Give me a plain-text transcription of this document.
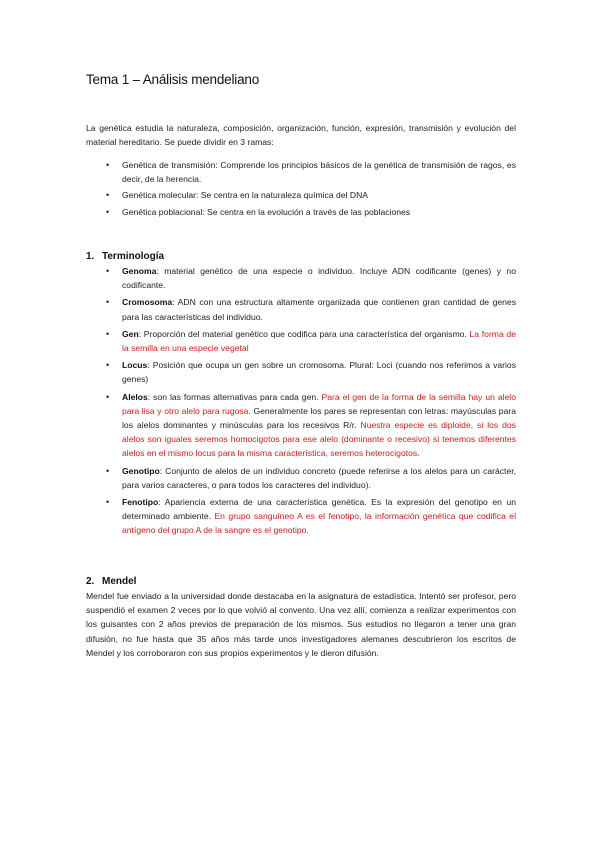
Tema 1 – Análisis mendeliano

La genética estudia la naturaleza, composición, organización, función, expresión, transmisión y evolución del material hereditario. Se puede dividir en 3 ramas:

• Genética de transmisión: Comprende los principios básicos de la genética de transmisión de ragos, es decir, de la herencia.
• Genética molecular: Se centra en la naturaleza química del DNA
• Genética poblacional: Se centra en la evolución a través de las poblaciones
1. Terminología
• Genoma: material genético de una especie o individuo. Incluye ADN codificante (genes) y no codificante.
• Cromosoma: ADN con una estructura altamente organizada que contienen gran cantidad de genes para las características del individuo.
• Gen: Proporción del material genético que codifica para una característica del organismo. La forma de la semilla en una especie vegetal
• Locus: Posición que ocupa un gen sobre un cromosoma. Plural: Loci (cuando nos referimos a varios genes)
• Alelos: son las formas alternativas para cada gen. Para el gen de la forma de la semilla hay un alelo para lisa y otro alelo para rugosa. Generalmente los pares se representan con letras: mayúsculas para los alelos dominantes y minúsculas para los recesivos R/r. Nuestra especie es diploide, si los dos alelos son iguales seremos homocigotos para ese alelo (dominante o recesivo) si tenemos diferentes alelos en el mismo locus para la misma característica, seremos heterocigotos.
• Genotipo: Conjunto de alelos de un individuo concreto (puede referirse a los alelos para un carácter, para varios caracteres, o para todos los caracteres del individuo).
• Fenotipo: Apariencia externa de una característica genética. Es la expresión del genotipo en un determinado ambiente. En grupo sanguíneo A es el fenotipo, la información genética que codifica el antígeno del grupo A de la sangre es el genotipo.
2. Mendel

Mendel fue enviado a la universidad donde destacaba en la asignatura de estadística. Intentó ser profesor, pero suspendió el examen 2 veces por lo que volvió al convento. Una vez allí, comienza a realizar experimentos con los guisantes con 2 años previos de preparación de los mismos. Sus estudios no llegaron a tener una gran difusión, no fue hasta que 35 años más tarde unos investigadores alemanes descubrieron los escritos de Mendel y los corroboraron con sus propios experimentos y le dieron difusión.
